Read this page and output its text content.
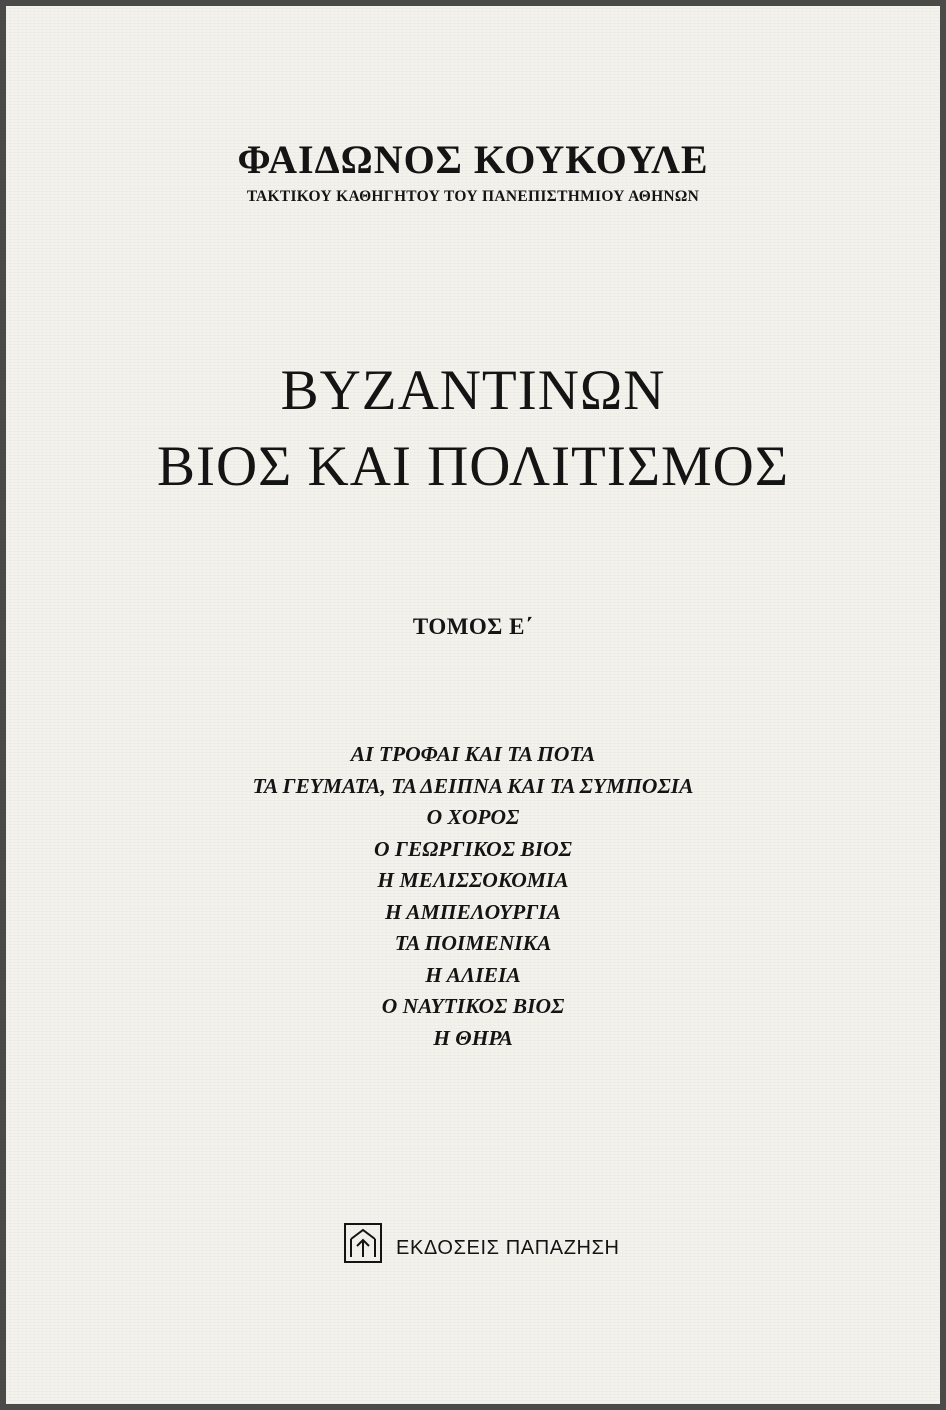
ΦΑΙΔΩΝΟΣ ΚΟΥΚΟΥΛΕ
ΤΑΚΤΙΚΟΥ ΚΑΘΗΓΗΤΟΥ ΤΟΥ ΠΑΝΕΠΙΣΤΗΜΙΟΥ ΑΘΗΝΩΝ
ΒΥΖΑΝΤΙΝΩΝ
ΒΙΟΣ ΚΑΙ ΠΟΛΙΤΙΣΜΟΣ
ΤΟΜΟΣ Ε΄
ΑΙ ΤΡΟΦΑΙ ΚΑΙ ΤΑ ΠΟΤΑ
ΤΑ ΓΕΥΜΑΤΑ, ΤΑ ΔΕΙΠΝΑ ΚΑΙ ΤΑ ΣΥΜΠΟΣΙΑ
Ο ΧΟΡΟΣ
Ο ΓΕΩΡΓΙΚΟΣ ΒΙΟΣ
Η ΜΕΛΙΣΣΟΚΟΜΙΑ
Η ΑΜΠΕΛΟΥΡΓΙΑ
ΤΑ ΠΟΙΜΕΝΙΚΑ
Η ΑΛΙΕΙΑ
Ο ΝΑΥΤΙΚΟΣ ΒΙΟΣ
Η ΘΗΡΑ
ΕΚΔΟΣΕΙΣ ΠΑΠΑΖΗΣΗ
